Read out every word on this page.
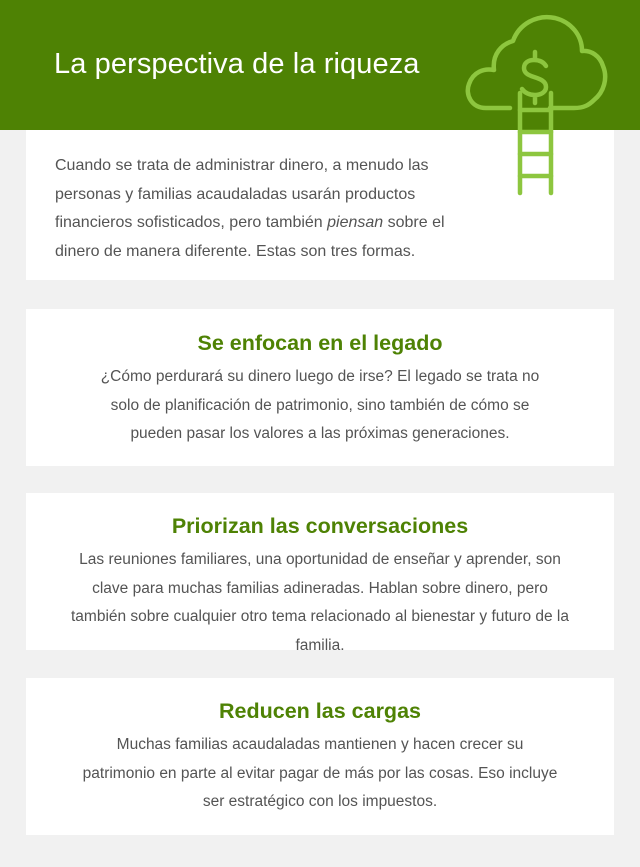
La perspectiva de la riqueza

Cuando se trata de administrar dinero, a menudo las personas y familias acaudaladas usarán productos financieros sofisticados, pero también piensan sobre el dinero de manera diferente. Estas son tres formas.

Se enfocan en el legado

¿Cómo perdurará su dinero luego de irse? El legado se trata no solo de planificación de patrimonio, sino también de cómo se pueden pasar los valores a las próximas generaciones.

Priorizan las conversaciones

Las reuniones familiares, una oportunidad de enseñar y aprender, son clave para muchas familias adineradas. Hablan sobre dinero, pero también sobre cualquier otro tema relacionado al bienestar y futuro de la familia.

Reducen las cargas

Muchas familias acaudaladas mantienen y hacen crecer su patrimonio en parte al evitar pagar de más por las cosas. Eso incluye ser estratégico con los impuestos.
